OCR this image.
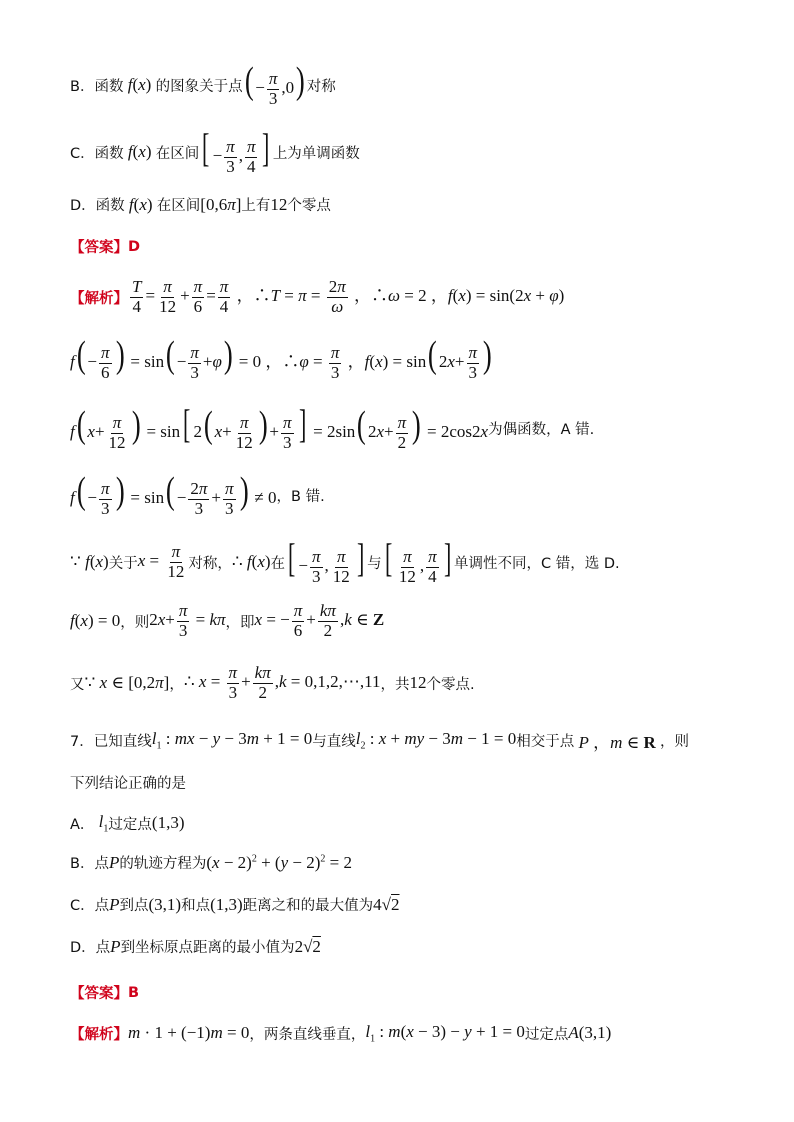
B．函数 f(x) 的图象关于点 ( − $\frac{\pi}{3} ,0$) 对称
C．函数 f(x) 在区间 [ − $\frac{\pi}{3}$ , $\frac{\pi}{4}$ ] 上为单调函数
D．函数 f(x) 在区间 [0,6π] 上有 12 个零点
【答案】 D
【解析】 $\frac{T}{4} = \frac{\pi}{12} + \frac{\pi}{6} = \frac{\pi}{4}$ ，∴T = $\pi = \frac{2\pi}{\omega}$ ，∴ω = 2 ，f(x) = sin(2x + φ)
$f( - \frac{\pi}{6}$ ) = $\sin( - \frac{\pi}{3} +\varphi) = 0$ ，∴φ = $\frac{\pi}{3}$ ，f(x) = sin( $2x+ \frac{\pi}{3}$ )
f( $x+ \frac{\pi}{12}$ ) = sin[ 2( $x+ \frac{\pi}{12}$ ) + $\frac{\pi}{3}$ ] = 2sin( $2x+ \frac{\pi}{2}$ ) = 2cos2x 为偶函数，A 错.
$f( - \frac{\pi}{3}$ ) = $\sin( - \frac{2\pi}{3} + \frac{\pi}{3}$ ) ≠ 0 ，B 错.
∵ f(x) 关于 $x = \frac{\pi}{12}$ 对称， ∴ f(x) 在 [ − $\frac{\pi}{3}$ , $\frac{\pi}{12}$ ] 与 [ $\frac{\pi}{12}$ , $\frac{\pi}{4}$ ] 单调性不同，C 错，选 D.
f(x) = 0 ，则 $2x+ \frac{\pi}{3} = k\pi$ ，即 x = − $\frac{\pi}{6} + \frac{k\pi}{2} ,k$ ∈ Z
又 ∵ x ∈ [0,2π] ， ∴ $x = \frac{\pi}{3} + \frac{k\pi}{2} ,k$ = 0,1,2,⋯,11 ，共 12 个零点.
7．已知直线 $l_1$ : mx − y − 3m + 1 = 0 与直线 $l_2$ : x + my − 3m − 1 = 0 相交于点 P ，m ∈ R ，则
下列结论正确的是
A． $l_1$ 过定点 (1,3)
B．点 P 的轨迹方程为 $(x - 2)^2 + (y - 2)^2 = 2$
C．点 P 到点 (3,1) 和点 (1,3) 距离之和的最大值为 4√2
D．点 P 到坐标原点距离的最小值为 2√2
【答案】 B
【解析】 m · 1 + (−1)m = 0 ，两条直线垂直， $l_1$ : m(x − 3) − y + 1 = 0 过定点 A(3,1)
